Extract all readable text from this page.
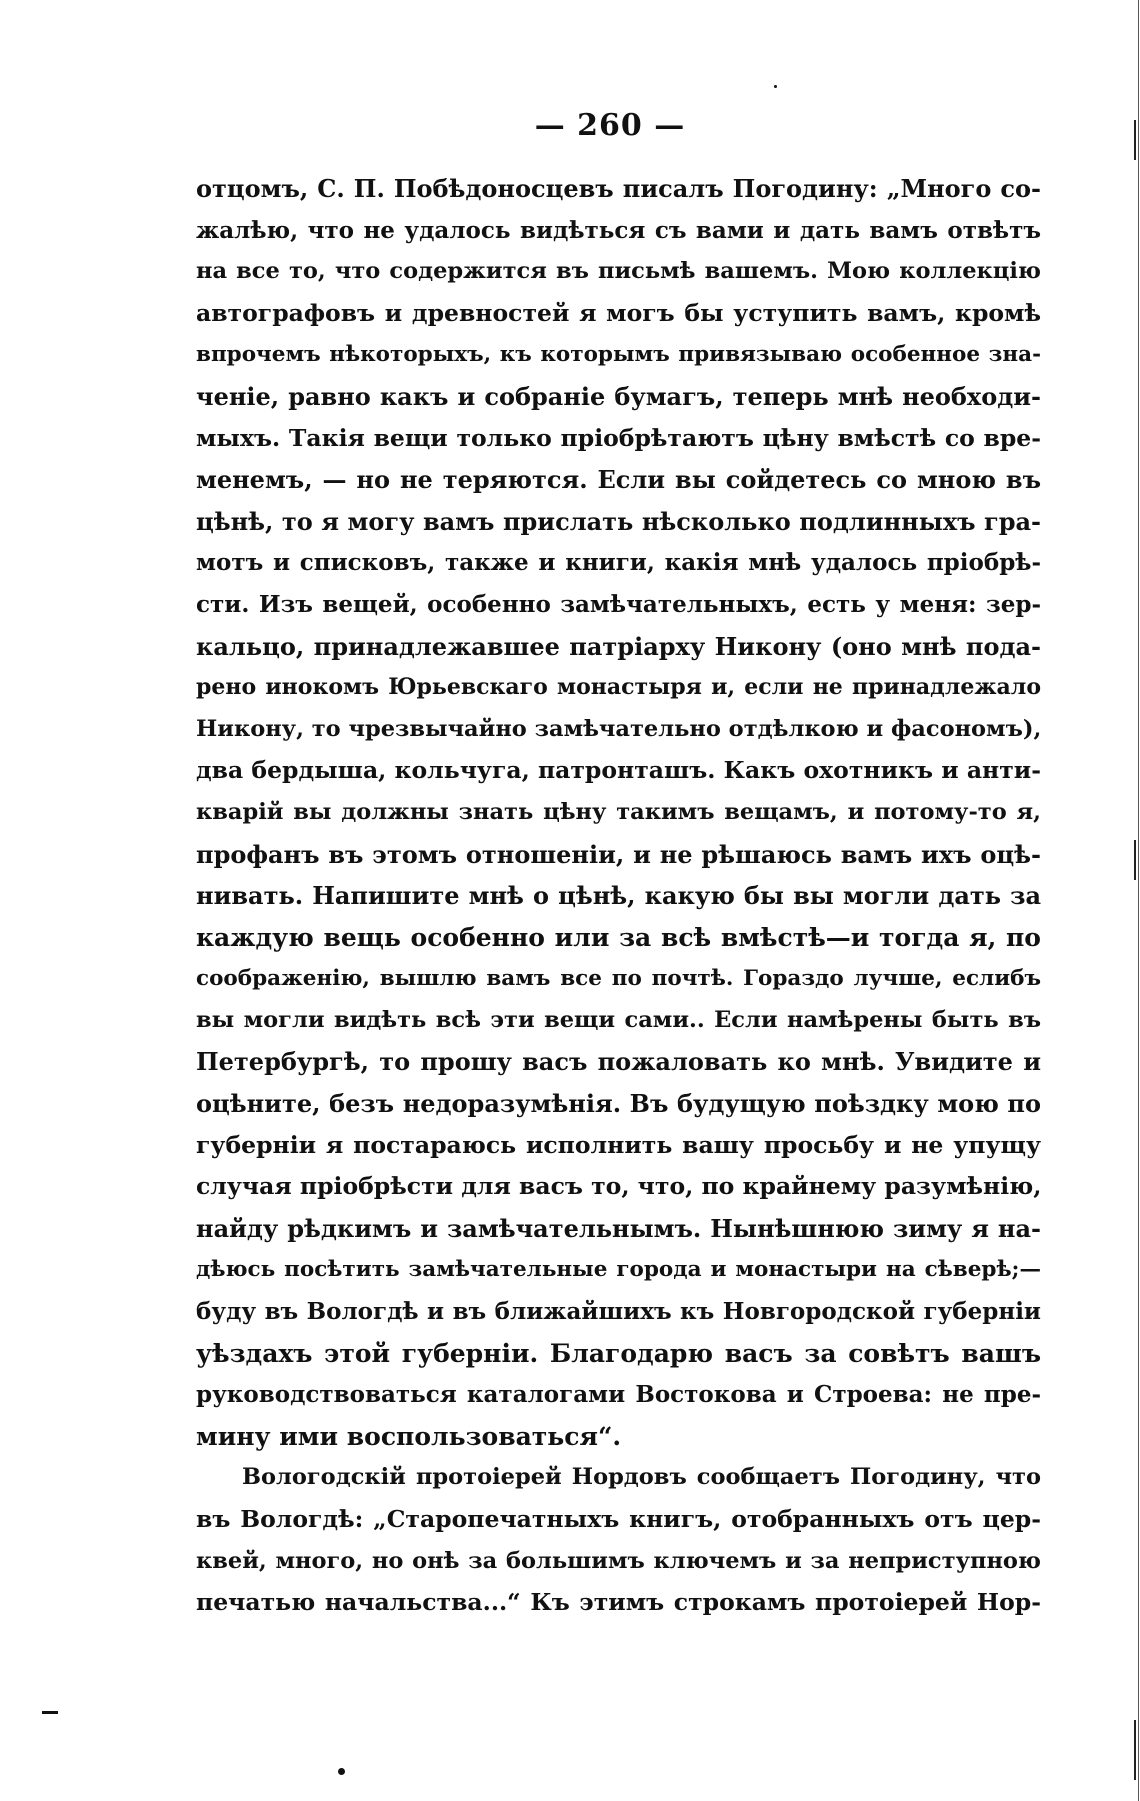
— 260 —
отцомъ, С. П. Побѣдоносцевъ писалъ Погодину: „Много со-
жалѣю, что не удалось видѣться съ вами и дать вамъ отвѣтъ
на все то, что содержится въ письмѣ вашемъ. Мою коллекцію
автографовъ и древностей я могъ бы уступить вамъ, кромѣ
впрочемъ нѣкоторыхъ, къ которымъ привязываю особенное зна-
ченіе, равно какъ и собраніе бумагъ, теперь мнѣ необходи-
мыхъ. Такія вещи только пріобрѣтаютъ цѣну вмѣстѣ со вре-
менемъ, — но не теряются. Если вы сойдетесь со мною въ
цѣнѣ, то я могу вамъ прислать нѣсколько подлинныхъ гра-
мотъ и списковъ, также и книги, какія мнѣ удалось пріобрѣ-
сти. Изъ вещей, особенно замѣчательныхъ, есть у меня: зер-
кальцо, принадлежавшее патріарху Никону (оно мнѣ пода-
рено инокомъ Юрьевскаго монастыря и, если не принадлежало
Никону, то чрезвычайно замѣчательно отдѣлкою и фасономъ),
два бердыша, кольчуга, патронташъ. Какъ охотникъ и анти-
кварій вы должны знать цѣну такимъ вещамъ, и потому-то я,
профанъ въ этомъ отношеніи, и не рѣшаюсь вамъ ихъ оцѣ-
нивать. Напишите мнѣ о цѣнѣ, какую бы вы могли дать за
каждую вещь особенно или за всѣ вмѣстѣ—и тогда я, по
соображенію, вышлю вамъ все по почтѣ. Гораздо лучше, еслибъ
вы могли видѣть всѣ эти вещи сами.. Если намѣрены быть въ
Петербургѣ, то прошу васъ пожаловать ко мнѣ. Увидите и
оцѣните, безъ недоразумѣнія. Въ будущую поѣздку мою по
губерніи я постараюсь исполнить вашу просьбу и не упущу
случая пріобрѣсти для васъ то, что, по крайнему разумѣнію,
найду рѣдкимъ и замѣчательнымъ. Нынѣшнюю зиму я на-
дѣюсь посѣтить замѣчательные города и монастыри на сѣверѣ;—
буду въ Вологдѣ и въ ближайшихъ къ Новгородской губерніи
уѣздахъ этой губерніи. Благодарю васъ за совѣтъ вашъ
руководствоваться каталогами Востокова и Строева: не пре-
мину ими воспользоваться“.
Вологодскій протоіерей Нордовъ сообщаетъ Погодину, что
въ Вологдѣ: „Старопечатныхъ книгъ, отобранныхъ отъ цер-
квей, много, но онѣ за большимъ ключемъ и за неприступною
печатью начальства...“ Къ этимъ строкамъ протоіерей Нор-
